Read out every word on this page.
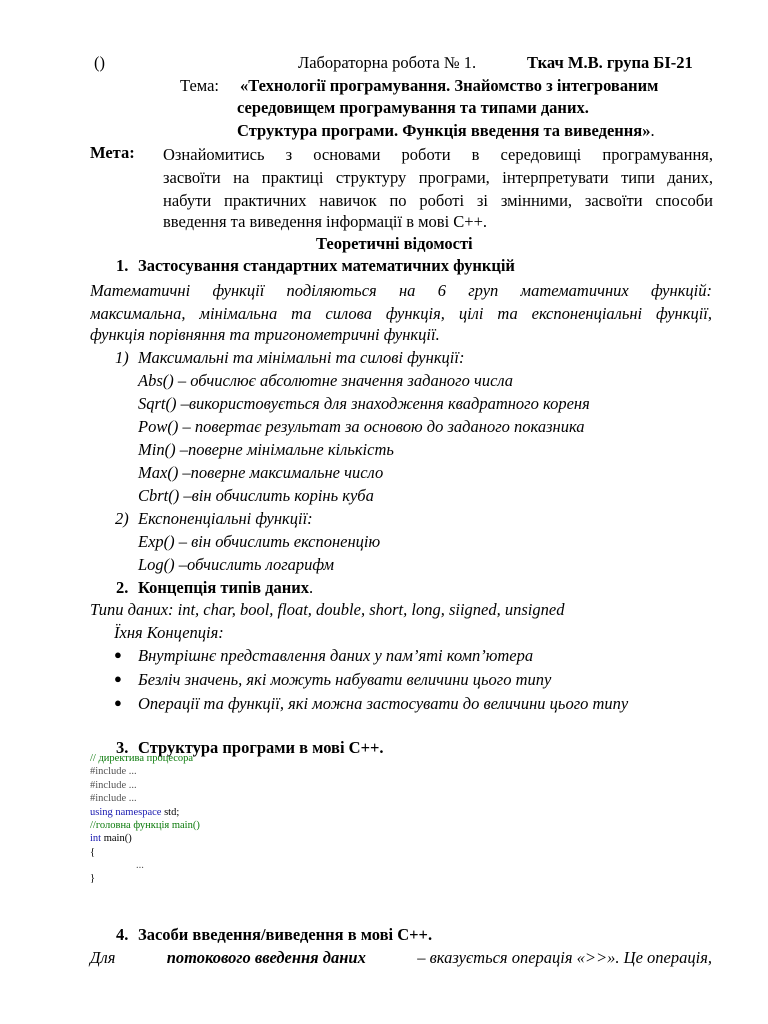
()	Лабораторна робота № 1.	Ткач М.В. група БІ-21
Тема: «Технології програмування. Знайомство з інтегрованим
середовищем програмування та типами даних.
Структура програми. Функція введення та виведення».
Мета: Ознайомитись з основами роботи в середовищі програмування,
засвоїти на практиці структуру програми, інтерпретувати типи даних,
набути практичних навичок по роботі зі змінними, засвоїти способи
введення та виведення інформації в мові С++.
Теоретичні відомості
1. Застосування стандартних математичних функцій
Математичні функції поділяються на 6 груп математичних функцій:
максимальна, мінімальна та силова функція, цілі та експоненціальні функції,
функція порівняння та тригонометричні функції.
1) Максимальні та мінімальні та силові функції:
Abs() – обчислює абсолютне значення заданого числа
Sqrt() –використовується для знаходження квадратного кореня
Pow() – повертає результат за основою до заданого показника
Min() –поверне мінімальне кількість
Max() –поверне максимальне число
Cbrt() –він обчислить корінь куба
2) Експоненціальні функції:
Exp() – він обчислить експоненцію
Log() –обчислить логарифм
2. Концепція типів даних.
Типи даних: int, char, bool, float, double, short, long, siigned, unsigned
Їхня Концепція:
● Внутрішнє представлення даних у пам’яті комп’ютера
● Безліч значень, які можуть набувати величини цього типу
● Операції та функції, які можна застосувати до величини цього типу
3. Структура програми в мові С++.
// директива процесора
#include ...
#include ...
#include ...
using namespace std;
//головна функція main()
int main()
{
...
}
4. Засоби введення/виведення в мові С++.
Для	потокового введення даних	– вказується операція «>>». Це операція,
